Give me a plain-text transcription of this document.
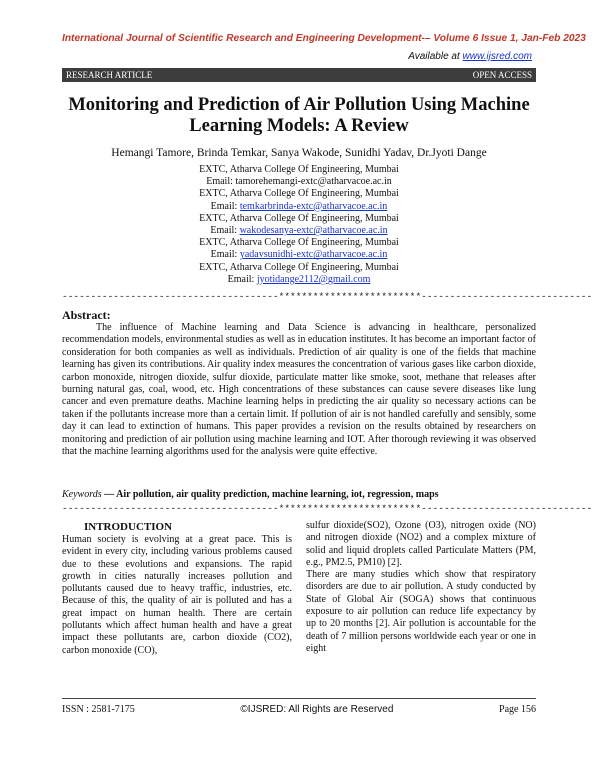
International Journal of Scientific Research and Engineering Development-– Volume 6 Issue 1, Jan-Feb 2023
Available at www.ijsred.com
RESEARCH ARTICLE	OPEN ACCESS
Monitoring and Prediction of Air Pollution Using Machine Learning Models: A Review
Hemangi Tamore, Brinda Temkar, Sanya Wakode, Sunidhi Yadav, Dr.Jyoti Dange
EXTC, Atharva College Of Engineering, Mumbai
Email: tamorehemangi-extc@atharvacoe.ac.in
EXTC, Atharva College Of Engineering, Mumbai
Email: temkarbrinda-extc@atharvacoe.ac.in
EXTC, Atharva College Of Engineering, Mumbai
Email: wakodesanya-extc@atharvacoe.ac.in
EXTC, Atharva College Of Engineering, Mumbai
Email: yadavsunidhi-extc@atharvacoe.ac.in
EXTC, Atharva College Of Engineering, Mumbai
Email: jyotidange2112@gmail.com
--------------------------------------*************************------------------------------
Abstract:
The influence of Machine learning and Data Science is advancing in healthcare, personalized recommendation models, environmental studies as well as in education institutes. It has become an important factor of consideration for both companies as well as individuals. Prediction of air quality is one of the fields that machine learning has given its contributions. Air quality index measures the concentration of various gases like carbon dioxide, carbon monoxide, nitrogen dioxide, sulfur dioxide, particulate matter like smoke, soot, methane that releases after burning natural gas, coal, wood, etc. High concentrations of these substances can cause severe diseases like lung cancer and even premature deaths. Machine learning helps in predicting the air quality so necessary actions can be taken if the pollutants increase more than a certain limit. If pollution of air is not handled carefully and sensibly, some day it can lead to extinction of humans. This paper provides a revision on the results obtained by researchers on monitoring and prediction of air pollution using machine learning and IOT. After thorough reviewing it was observed that the machine learning algorithms used for the analysis were quite effective.
Keywords — Air pollution, air quality prediction, machine learning, iot, regression, maps
--------------------------------------*************************------------------------------
INTRODUCTION
Human society is evolving at a great pace. This is evident in every city, including various problems caused due to these evolutions and expansions. The rapid growth in cities naturally increases pollution and pollutants caused due to heavy traffic, industries, etc. Because of this, the quality of air is polluted and has a great impact on human health. There are certain pollutants which affect human health and have a great impact these pollutants are, carbon dioxide (CO2), carbon monoxide (CO),
sulfur dioxide(SO2), Ozone (O3), nitrogen oxide (NO) and nitrogen dioxide (NO2) and a complex mixture of solid and liquid droplets called Particulate Matters (PM, e.g., PM2.5, PM10) [2].
There are many studies which show that respiratory disorders are due to air pollution. A study conducted by State of Global Air (SOGA) shows that continuous exposure to air pollution can reduce life expectancy by up to 20 months [2]. Air pollution is accountable for the death of 7 million persons worldwide each year or one in eight
ISSN : 2581-7175	©IJSRED: All Rights are Reserved	Page 156
